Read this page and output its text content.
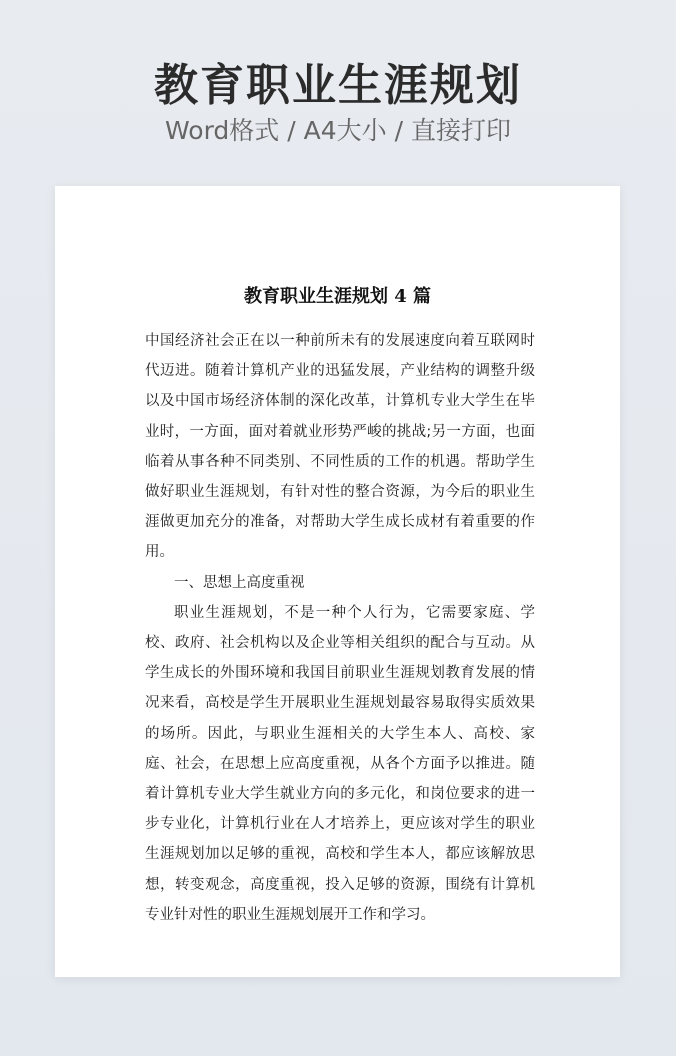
教育职业生涯规划
Word格式 / A4大小 / 直接打印
教育职业生涯规划 4 篇

中国经济社会正在以一种前所未有的发展速度向着互联网时代迈进。随着计算机产业的迅猛发展，产业结构的调整升级以及中国市场经济体制的深化改革，计算机专业大学生在毕业时，一方面，面对着就业形势严峻的挑战;另一方面，也面临着从事各种不同类别、不同性质的工作的机遇。帮助学生做好职业生涯规划，有针对性的整合资源，为今后的职业生涯做更加充分的准备，对帮助大学生成长成材有着重要的作用。

一、思想上高度重视

职业生涯规划，不是一种个人行为，它需要家庭、学校、政府、社会机构以及企业等相关组织的配合与互动。从学生成长的外围环境和我国目前职业生涯规划教育发展的情况来看，高校是学生开展职业生涯规划最容易取得实质效果的场所。因此，与职业生涯相关的大学生本人、高校、家庭、社会，在思想上应高度重视，从各个方面予以推进。随着计算机专业大学生就业方向的多元化，和岗位要求的进一步专业化，计算机行业在人才培养上，更应该对学生的职业生涯规划加以足够的重视，高校和学生本人，都应该解放思想，转变观念，高度重视，投入足够的资源，围绕有计算机专业针对性的职业生涯规划展开工作和学习。
